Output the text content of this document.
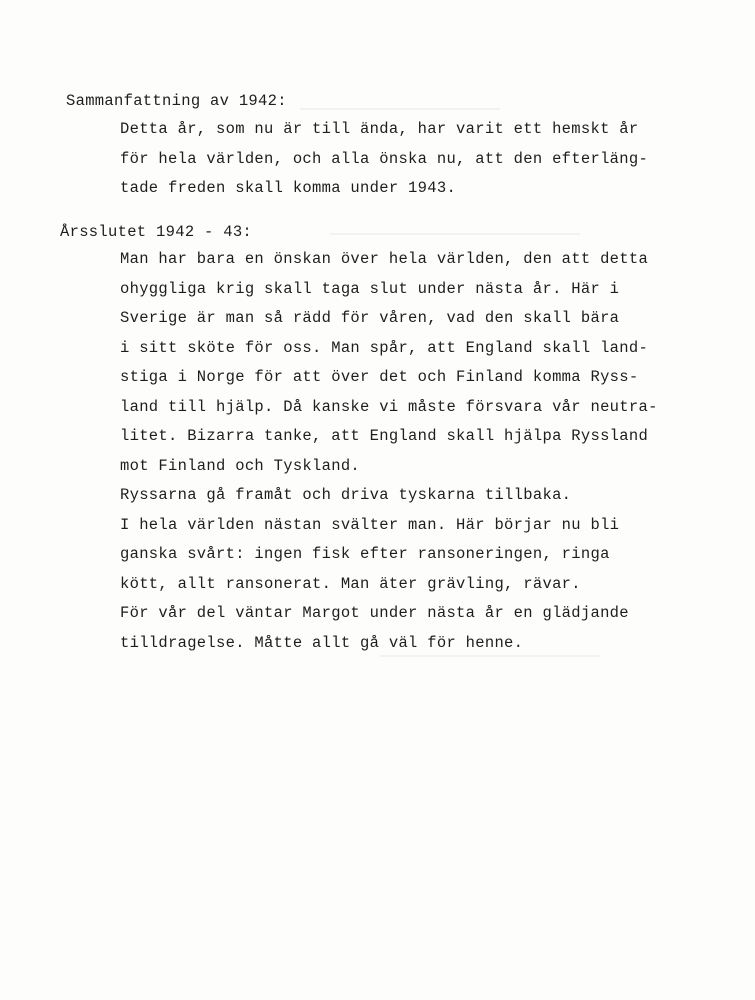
Sammanfattning av 1942:
Detta år, som nu är till ända, har varit ett hemskt år
för hela världen, och alla önska nu, att den efterläng-
tade freden skall komma under 1943.
Årsslutet 1942 - 43:
Man har bara en önskan över hela världen, den att detta
ohyggliga krig skall taga slut under nästa år. Här i
Sverige är man så rädd för våren, vad den skall bära
i sitt sköte för oss. Man spår, att England skall land-
stiga i Norge för att över det och Finland komma Ryss-
land till hjälp. Då kanske vi måste försvara vår neutra-
litet. Bizarra tanke, att England skall hjälpa Ryssland
mot Finland och Tyskland.
Ryssarna gå framåt och driva tyskarna tillbaka.
I hela världen nästan svälter man. Här börjar nu bli
ganska svårt: ingen fisk efter ransoneringen, ringa
kött, allt ransonerat. Man äter grävling, rävar.
För vår del väntar Margot under nästa år en glädjande
tilldragelse. Måtte allt gå väl för henne.
